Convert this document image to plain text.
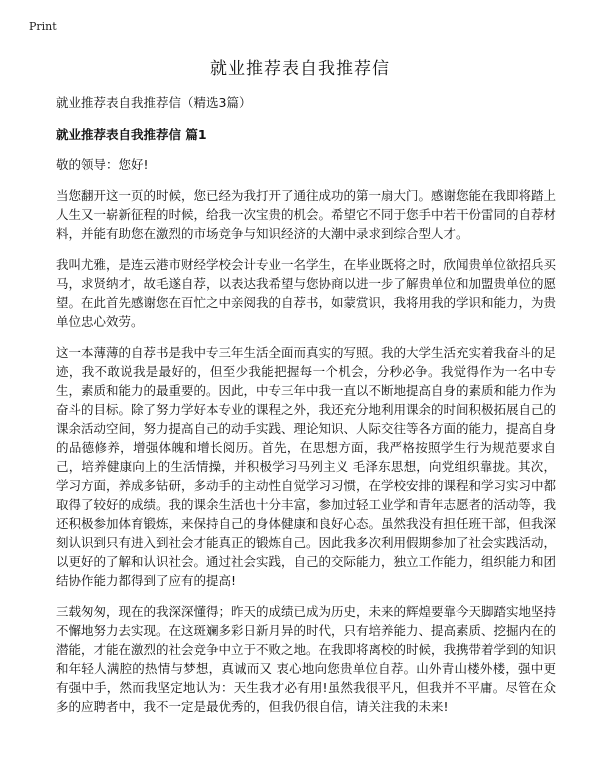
Print
就业推荐表自我推荐信

就业推荐表自我推荐信（精选3篇）

就业推荐表自我推荐信 篇1

敬的领导：您好!

当您翻开这一页的时候，您已经为我打开了通往成功的第一扇大门。感谢您能在我即将踏上人生又一崭新征程的时候，给我一次宝贵的机会。希望它不同于您手中若干份雷同的自荐材料，并能有助您在激烈的市场竞争与知识经济的大潮中录求到综合型人才。

我叫尤雅，是连云港市财经学校会计专业一名学生，在毕业既将之时，欣闻贵单位欲招兵买马，求贤纳才，故毛遂自荐，以表达我希望与您协商以进一步了解贵单位和加盟贵单位的愿望。在此首先感谢您在百忙之中亲阅我的自荐书，如蒙赏识，我将用我的学识和能力，为贵单位忠心效劳。

这一本薄薄的自荐书是我中专三年生活全面而真实的写照。我的大学生活充实着我奋斗的足迹，我不敢说我是最好的，但至少我能把握每一个机会，分秒必争。我觉得作为一名中专生，素质和能力的最重要的。因此，中专三年中我一直以不断地提高自身的素质和能力作为奋斗的目标。除了努力学好本专业的课程之外，我还充分地利用课余的时间积极拓展自己的课余活动空间，努力提高自己的动手实践、理论知识、人际交往等各方面的能力，提高自身的品德修养，增强体魄和增长阅历。首先，在思想方面，我严格按照学生行为规范要求自己，培养健康向上的生活情操，并积极学习马列主义 毛泽东思想，向党组织靠拢。其次，学习方面，养成多钻研，多动手的主动性自觉学习习惯，在学校安排的课程和学习实习中都取得了较好的成绩。我的课余生活也十分丰富，参加过轻工业学和青年志愿者的活动等，我还积极参加体育锻炼，来保持自己的身体健康和良好心态。虽然我没有担任班干部，但我深刻认识到只有进入到社会才能真正的锻炼自己。因此我多次利用假期参加了社会实践活动，以更好的了解和认识社会。通过社会实践，自己的交际能力，独立工作能力，组织能力和团结协作能力都得到了应有的提高!

三载匆匆，现在的我深深懂得；昨天的成绩已成为历史，未来的辉煌要靠今天脚踏实地坚持不懈地努力去实现。在这斑斓多彩日新月异的时代，只有培养能力、提高素质、挖掘内在的潜能，才能在激烈的社会竞争中立于不败之地。在我即将离校的时候，我携带着学到的知识和年轻人满腔的热情与梦想，真诚而又 衷心地向您贵单位自荐。山外青山楼外楼，强中更有强中手，然而我坚定地认为：天生我才必有用!虽然我很平凡，但我并不平庸。尽管在众多的应聘者中，我不一定是最优秀的，但我仍很自信，请关注我的未来!
